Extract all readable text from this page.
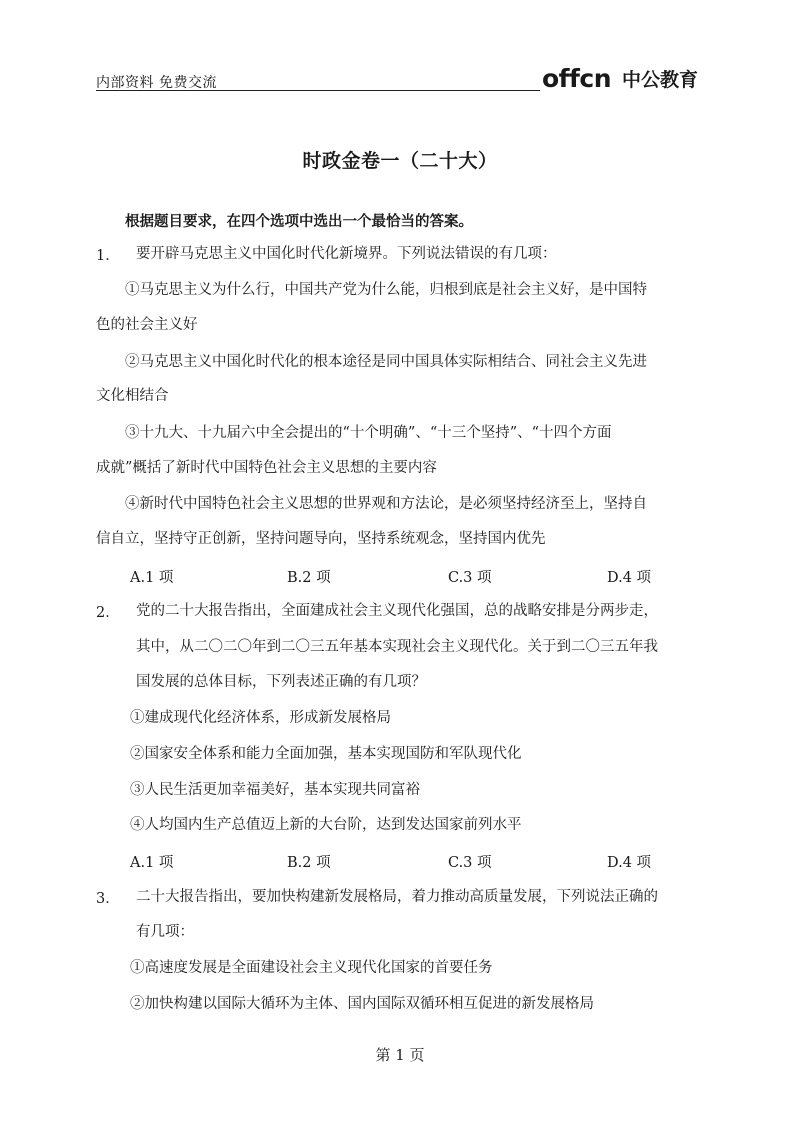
内部资料 免费交流	offcn 中公教育
时政金卷一（二十大）
根据题目要求，在四个选项中选出一个最恰当的答案。
1． 要开辟马克思主义中国化时代化新境界。下列说法错误的有几项：
①马克思主义为什么行，中国共产党为什么能，归根到底是社会主义好，是中国特
色的社会主义好
②马克思主义中国化时代化的根本途径是同中国具体实际相结合、同社会主义先进
文化相结合
③十九大、十九届六中全会提出的“十个明确”、“十三个坚持”、“十四个方面
成就”概括了新时代中国特色社会主义思想的主要内容
④新时代中国特色社会主义思想的世界观和方法论，是必须坚持经济至上，坚持自
信自立，坚持守正创新，坚持问题导向，坚持系统观念，坚持国内优先
A.1 项	B.2 项	C.3 项	D.4 项
2． 党的二十大报告指出，全面建成社会主义现代化强国，总的战略安排是分两步走，
其中，从二〇二〇年到二〇三五年基本实现社会主义现代化。关于到二〇三五年我
国发展的总体目标，下列表述正确的有几项？
①建成现代化经济体系，形成新发展格局
②国家安全体系和能力全面加强，基本实现国防和军队现代化
③人民生活更加幸福美好，基本实现共同富裕
④人均国内生产总值迈上新的大台阶，达到发达国家前列水平
A.1 项	B.2 项	C.3 项	D.4 项
3． 二十大报告指出，要加快构建新发展格局，着力推动高质量发展，下列说法正确的
有几项：
①高速度发展是全面建设社会主义现代化国家的首要任务
②加快构建以国际大循环为主体、国内国际双循环相互促进的新发展格局
第 1 页
